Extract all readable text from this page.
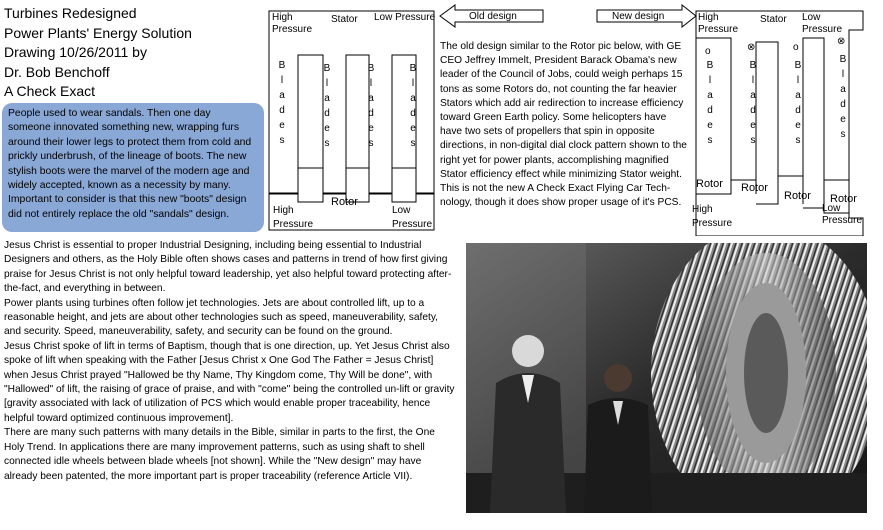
Turbines Redesigned
Power Plants' Energy Solution
Drawing 10/26/2011 by
Dr. Bob Benchoff
A Check Exact
People used to wear sandals. Then one day
someone innovated something new, wrapping furs
around their lower legs to protect them from cold and
prickly underbrush, of the lineage of boots. The new
stylish boots were the marvel of the modern age and
widely accepted, known as a necessity by many.
Important to consider is that this new "boots" design
did not entirely replace the old "sandals" design.
High
Pressure
Stator Low Pressure
B
l
a
d
e
s
B
l
a
d
e
s
B
l
a
d
e
s
B
l
a
d
e
s
Rotor
High
Pressure
Low
Pressure
Old design	New design	High
Pressure
Stator Low
Pressure
o	⊗	o
⊗
B
l
a
d
e
s
B
l
a
d
e
s
B
l
a
d
e
s
B
l
a
d
e
s
Rotor Rotor
Rotor Rotor
High
Pressure
Low
Pressure
The old design similar to the Rotor pic below, with GE
CEO Jeffrey Immelt, President Barack Obama's new
leader of the Council of Jobs, could weigh perhaps 15
tons as some Rotors do, not counting the far heavier
Stators which add air redirection to increase efficiency
toward Green Earth policy. Some helicopters have
have two sets of propellers that spin in opposite
directions, in non-digital dial clock pattern shown to the
right yet for power plants, accomplishing magnified
Stator efficiency effect while minimizing Stator weight.
This is not the new A Check Exact Flying Car Tech-
nology, though it does show proper usage of it's PCS.
Jesus Christ is essential to proper Industrial Designing, including being essential to Industrial
Designers and others, as the Holy Bible often shows cases and patterns in trend of how first giving
praise for Jesus Christ is not only helpful toward leadership, yet also helpful toward protecting after-
the-fact, and everything in between.
Power plants using turbines often follow jet technologies. Jets are about controlled lift, up to a
reasonable height, and jets are about other technologies such as speed, maneuverability, safety,
and security. Speed, maneuverability, safety, and security can be found on the ground.
Jesus Christ spoke of lift in terms of Baptism, though that is one direction, up. Yet Jesus Christ also
spoke of lift when speaking with the Father [Jesus Christ x One God The Father = Jesus Christ]
when Jesus Christ prayed "Hallowed be thy Name, Thy Kingdom come, Thy Will be done", with
"Hallowed" of lift, the raising of grace of praise, and with "come" being the controlled un-lift or gravity
[gravity associated with lack of utilization of PCS which would enable proper traceability, hence
helpful toward optimized continuous improvement].
There are many such patterns with many details in the Bible, similar in parts to the first, the One
Holy Trend. In applications there are many improvement patterns, such as using shaft to shell
connected idle wheels between blade wheels [not shown]. While the "New design" may have
already been patented, the more important part is proper traceability (reference Article VII).
